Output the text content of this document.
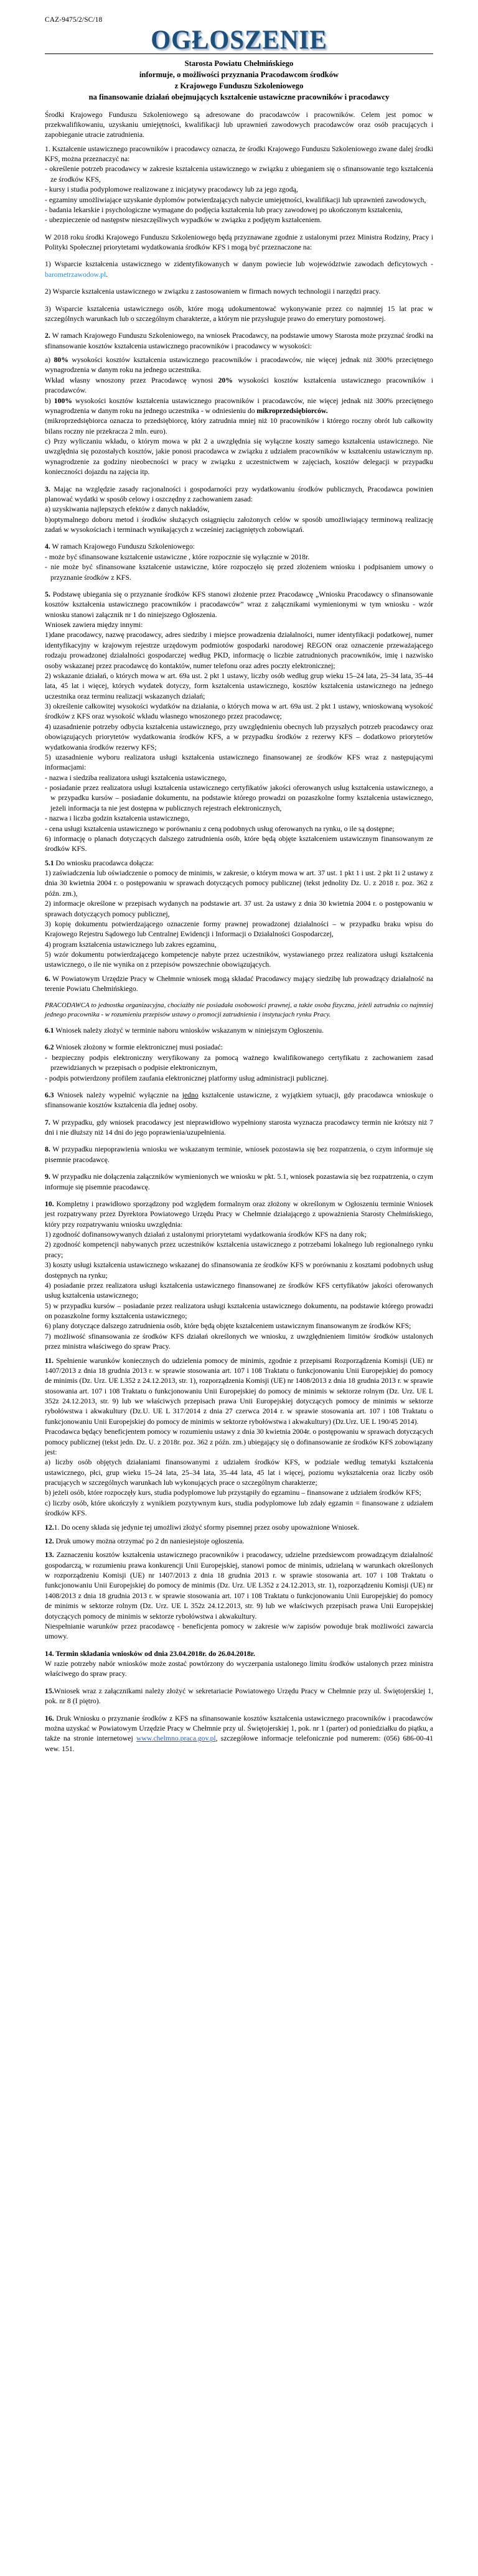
CAZ-9475/2/SC/18
OGŁOSZENIE
Starosta Powiatu Chełmińskiego
informuje, o możliwości przyznania Pracodawcom środków
z Krajowego Funduszu Szkoleniowego
na finansowanie działań obejmujących kształcenie ustawiczne pracowników i pracodawcy

Środki Krajowego Funduszu Szkoleniowego są adresowane do pracodawców i pracowników. Celem jest pomoc w przekwalifikowaniu, uzyskaniu umiejętności, kwalifikacji lub uprawnień zawodowych pracodawców oraz osób pracujących i zapobieganie utracie zatrudnienia.

1. Kształcenie ustawicznego pracowników i pracodawcy oznacza, że środki Krajowego Funduszu Szkoleniowego zwane dalej środki KFS, można przeznaczyć na:

- określenie potrzeb pracodawcy w zakresie kształcenia ustawicznego w związku z ubieganiem się o sfinansowanie tego kształcenia ze środków KFS,

- kursy i studia podyplomowe realizowane z inicjatywy pracodawcy lub za jego zgodą,

- egzaminy umożliwiające uzyskanie dyplomów potwierdzających nabycie umiejętności, kwalifikacji lub uprawnień zawodowych,

- badania lekarskie i psychologiczne wymagane do podjęcia kształcenia lub pracy zawodowej po ukończonym kształceniu,

- ubezpieczenie od następstw nieszczęśliwych wypadków w związku z podjętym kształceniem.

W 2018 roku środki Krajowego Funduszu Szkoleniowego będą przyznawane zgodnie z ustalonymi przez Ministra Rodziny, Pracy i Polityki Społecznej priorytetami wydatkowania środków KFS i mogą być przeznaczone na:

1) Wsparcie kształcenia ustawicznego w zidentyfikowanych w danym powiecie lub województwie zawodach deficytowych - barometrzawodow.pl.

2) Wsparcie kształcenia ustawicznego w związku z zastosowaniem w firmach nowych technologii i narzędzi pracy.

3) Wsparcie kształcenia ustawicznego osób, które mogą udokumentować wykonywanie przez co najmniej 15 lat prac w szczególnych warunkach lub o szczególnym charakterze, a którym nie przysługuje prawo do emerytury pomostowej.

2. W ramach Krajowego Funduszu Szkoleniowego, na wniosek Pracodawcy, na podstawie umowy Starosta może przyznać środki na sfinansowanie kosztów kształcenia ustawicznego pracowników i pracodawcy w wysokości:

a) 80% wysokości kosztów kształcenia ustawicznego pracowników i pracodawców, nie więcej jednak niż 300% przeciętnego wynagrodzenia w danym roku na jednego uczestnika.

Wkład własny wnoszony przez Pracodawcę wynosi 20% wysokości kosztów kształcenia ustawicznego pracowników i pracodawców.

b) 100% wysokości kosztów kształcenia ustawicznego pracowników i pracodawców, nie więcej jednak niż 300% przeciętnego wynagrodzenia w danym roku na jednego uczestnika - w odniesieniu do mikroprzedsiębiorców.

(mikroprzedsiębiorca oznacza to przedsiębiorcę, który zatrudnia mniej niż 10 pracowników i którego roczny obrót lub całkowity bilans roczny nie przekracza 2 mln. euro).

c) Przy wyliczaniu wkładu, o którym mowa w pkt 2 a uwzględnia się wyłączne koszty samego kształcenia ustawicznego. Nie uwzględnia się pozostałych kosztów, jakie ponosi pracodawca w związku z udziałem pracowników w kształceniu ustawicznym np. wynagrodzenie za godziny nieobecności w pracy w związku z uczestnictwem w zajęciach, kosztów delegacji w przypadku konieczności dojazdu na zajęcia itp.

3. Mając na względzie zasady racjonalności i gospodarności przy wydatkowaniu środków publicznych, Pracodawca powinien planować wydatki w sposób celowy i oszczędny z zachowaniem zasad:

a) uzyskiwania najlepszych efektów z danych nakładów,

b)optymalnego doboru metod i środków służących osiągnięciu założonych celów w sposób umożliwiający terminową realizację zadań w wysokościach i terminach wynikających z wcześniej zaciągniętych zobowiązań.

4. W ramach Krajowego Funduszu Szkoleniowego:

- może być sfinansowane kształcenie ustawiczne , które rozpocznie się wyłącznie w 2018r.

- nie może być sfinansowane kształcenie ustawiczne, które rozpoczęło się przed złożeniem wniosku i podpisaniem umowy o przyznanie środków z KFS.

5. Podstawę ubiegania się o przyznanie środków KFS stanowi złożenie przez Pracodawcę „Wniosku Pracodawcy o sfinansowanie kosztów kształcenia ustawicznego pracowników i pracodawców” wraz z załącznikami wymienionymi w tym wniosku - wzór wniosku stanowi załącznik nr 1 do niniejszego Ogłoszenia.

Wniosek zawiera między innymi:

1)dane pracodawcy, nazwę pracodawcy, adres siedziby i miejsce prowadzenia działalności, numer identyfikacji podatkowej, numer identyfikacyjny w krajowym rejestrze urzędowym podmiotów gospodarki narodowej REGON oraz oznaczenie przeważającego rodzaju prowadzonej działalności gospodarczej według PKD, informację o liczbie zatrudnionych pracowników, imię i nazwisko osoby wskazanej przez pracodawcę do kontaktów, numer telefonu oraz adres poczty elektronicznej;

2) wskazanie działań, o których mowa w art. 69a ust. 2 pkt 1 ustawy, liczby osób według grup wieku 15–24 lata, 25–34 lata, 35–44 lata, 45 lat i więcej, których wydatek dotyczy, form kształcenia ustawicznego, kosztów kształcenia ustawicznego na jednego uczestnika oraz terminu realizacji wskazanych działań;

3) określenie całkowitej wysokości wydatków na działania, o których mowa w art. 69a ust. 2 pkt 1 ustawy, wnioskowaną wysokość środków z KFS oraz wysokość wkładu własnego wnoszonego przez pracodawcę;

4) uzasadnienie potrzeby odbycia kształcenia ustawicznego, przy uwzględnieniu obecnych lub przyszłych potrzeb pracodawcy oraz obowiązujących priorytetów wydatkowania środków KFS, a w przypadku środków z rezerwy KFS – dodatkowo priorytetów wydatkowania środków rezerwy KFS;

5) uzasadnienie wyboru realizatora usługi kształcenia ustawicznego finansowanej ze środków KFS wraz z następującymi informacjami:

- nazwa i siedziba realizatora usługi kształcenia ustawicznego,

- posiadanie przez realizatora usługi kształcenia ustawicznego certyfikatów jakości oferowanych usług kształcenia ustawicznego, a w przypadku kursów – posiadanie dokumentu, na podstawie którego prowadzi on pozaszkolne formy kształcenia ustawicznego, jeżeli informacja ta nie jest dostępna w publicznych rejestrach elektronicznych,

- nazwa i liczba godzin kształcenia ustawicznego,

- cena usługi kształcenia ustawicznego w porównaniu z ceną podobnych usług oferowanych na rynku, o ile są dostępne;

6) informację o planach dotyczących dalszego zatrudnienia osób, które będą objęte kształceniem ustawicznym finansowanym ze środków KFS.

5.1 Do wniosku pracodawca dołącza:

1) zaświadczenia lub oświadczenie o pomocy de minimis, w zakresie, o którym mowa w art. 37 ust. 1 pkt 1 i ust. 2 pkt 1i 2 ustawy z dnia 30 kwietnia 2004 r. o postępowaniu w sprawach dotyczących pomocy publicznej (tekst jednolity Dz. U. z 2018 r. poz. 362 z późn. zm.),

2) informacje określone w przepisach wydanych na podstawie art. 37 ust. 2a ustawy z dnia 30 kwietnia 2004 r. o postępowaniu w sprawach dotyczących pomocy publicznej,

3) kopię dokumentu potwierdzającego oznaczenie formy prawnej prowadzonej działalności – w przypadku braku wpisu do Krajowego Rejestru Sądowego lub Centralnej Ewidencji i Informacji o Działalności Gospodarczej,

4) program kształcenia ustawicznego lub zakres egzaminu,

5) wzór dokumentu potwierdzającego kompetencje nabyte przez uczestników, wystawianego przez realizatora usługi kształcenia ustawicznego, o ile nie wynika on z przepisów powszechnie obowiązujących.

6. W Powiatowym Urzędzie Pracy w Chełmnie wniosek mogą składać Pracodawcy mający siedzibę lub prowadzący działalność na terenie Powiatu Chełmińskiego.

PRACODAWCA to jednostka organizacyjna, chociażby nie posiadała osobowości prawnej, a także osoba fizyczna, jeżeli zatrudnia co najmniej jednego pracownika - w rozumieniu przepisów ustawy o promocji zatrudnienia i instytucjach rynku Pracy.

6.1 Wniosek należy złożyć w terminie naboru wniosków wskazanym w niniejszym Ogłoszeniu.

6.2 Wniosek złożony w formie elektronicznej musi posiadać:

- bezpieczny podpis elektroniczny weryfikowany za pomocą ważnego kwalifikowanego certyfikatu z zachowaniem zasad przewidzianych w przepisach o podpisie elektronicznym,

- podpis potwierdzony profilem zaufania elektronicznej platformy usług administracji publicznej.

6.3 Wniosek należy wypełnić wyłącznie na jedno kształcenie ustawiczne, z wyjątkiem sytuacji, gdy pracodawca wnioskuje o sfinansowanie kosztów kształcenia dla jednej osoby.

7. W przypadku, gdy wniosek pracodawcy jest nieprawidłowo wypełniony starosta wyznacza pracodawcy termin nie krótszy niż 7 dni i nie dłuższy niż 14 dni do jego poprawienia/uzupełnienia.

8. W przypadku niepoprawienia wniosku we wskazanym terminie, wniosek pozostawia się bez rozpatrzenia, o czym informuje się pisemnie pracodawcę.

9. W przypadku nie dołączenia załączników wymienionych we wniosku w pkt. 5.1, wniosek pozastawia się bez rozpatrzenia, o czym informuje się pisemnie pracodawcę.

10. Kompletny i prawidłowo sporządzony pod względem formalnym oraz złożony w określonym w Ogłoszeniu terminie Wniosek jest rozpatrywany przez Dyrektora Powiatowego Urzędu Pracy w Chełmnie działającego z upoważnienia Starosty Chełmińskiego, który przy rozpatrywaniu wniosku uwzględnia:

1) zgodność dofinansowywanych działań z ustalonymi priorytetami wydatkowania środków KFS na dany rok;

2) zgodność kompetencji nabywanych przez uczestników kształcenia ustawicznego z potrzebami lokalnego lub regionalnego rynku pracy;

3) koszty usługi kształcenia ustawicznego wskazanej do sfinansowania ze środków KFS w porównaniu z kosztami podobnych usług dostępnych na rynku;

4) posiadanie przez realizatora usługi kształcenia ustawicznego finansowanej ze środków KFS certyfikatów jakości oferowanych usług kształcenia ustawicznego;

5) w przypadku kursów – posiadanie przez realizatora usługi kształcenia ustawicznego dokumentu, na podstawie którego prowadzi on pozaszkolne formy kształcenia ustawicznego;

6) plany dotyczące dalszego zatrudnienia osób, które będą objęte kształceniem ustawicznym finansowanym ze środków KFS;

7) możliwość sfinansowania ze środków KFS działań określonych we wniosku, z uwzględnieniem limitów środków ustalonych przez ministra właściwego do spraw Pracy.

11. Spełnienie warunków koniecznych do udzielenia pomocy de minimis, zgodnie z przepisami Rozporządzenia Komisji (UE) nr 1407/2013 z dnia 18 grudnia 2013 r. w sprawie stosowania art. 107 i 108 Traktatu o funkcjonowaniu Unii Europejskiej do pomocy de minimis (Dz. Urz. UE L352 z 24.12.2013, str. 1), rozporządzenia Komisji (UE) nr 1408/2013 z dnia 18 grudnia 2013 r. w sprawie stosowania art. 107 i 108 Traktatu o funkcjonowaniu Unii Europejskiej do pomocy de minimis w sektorze rolnym (Dz. Urz. UE L 352z 24.12.2013, str. 9) lub we właściwych przepisach prawa Unii Europejskiej dotyczących pomocy de minimis w sektorze rybołówstwa i akwakultury (Dz.U. UE L 317/2014 z dnia 27 czerwca 2014 r. w sprawie stosowania art. 107 i 108 Traktatu o funkcjonowaniu Unii Europejskiej do pomocy de minimis w sektorze rybołówstwa i akwakultury) (Dz.Urz. UE L 190/45 2014).

Pracodawca będący beneficjentem pomocy w rozumieniu ustawy z dnia 30 kwietnia 2004r. o postępowaniu w sprawach dotyczących pomocy publicznej (tekst jedn. Dz. U. z 2018r. poz. 362 z późn. zm.) ubiegający się o dofinansowanie ze środków KFS zobowiązany jest:

a) liczby osób objętych działaniami finansowanymi z udziałem środków KFS, w podziale według tematyki kształcenia ustawicznego, płci, grup wieku 15–24 lata, 25–34 lata, 35–44 lata, 45 lat i więcej, poziomu wykształcenia oraz liczby osób pracujących w szczególnych warunkach lub wykonujących prace o szczególnym charakterze;

b) jeżeli osób, które rozpoczęły kurs, studia podyplomowe lub przystąpiły do egzaminu – finansowane z udziałem środków KFS;

c) liczby osób, które ukończyły z wynikiem pozytywnym kurs, studia podyplomowe lub zdały egzamin = finansowane z udziałem środków KFS.

12.1. Do oceny składa się jedynie tej umożliwi złożyć sformy pisemnej przez osoby upoważnione Wniosek.

12. Druk umowy można otrzymać po 2 dn naniesiejstoje ogłoszenia.

13. Zaznaczeniu kosztów kształcenia ustawicznego pracowników i pracodawcy, udzielne przedsiewcom prowadzącym działalność gospodarczą, w rozumieniu prawa konkurencji Unii Europejskiej, stanowi pomoc de minimis, udzielaną w warunkach określonych w rozporządzeniu Komisji (UE) nr 1407/2013 z dnia 18 grudnia 2013 r. w sprawie stosowania art. 107 i 108 Traktatu o funkcjonowaniu Unii Europejskiej do pomocy de minimis (Dz. Urz. UE L352 z 24.12.2013, str. 1), rozporządzeniu Komisji (UE) nr 1408/2013 z dnia 18 grudnia 2013 r. w sprawie stosowania art. 107 i 108 Traktatu o funkcjonowaniu Unii Europejskiej do pomocy de minimis w sektorze rolnym (Dz. Urz. UE L 352z 24.12.2013, str. 9) lub we właściwych przepisach prawa Unii Europejskiej dotyczących pomocy de minimis w sektorze rybołówstwa i akwakultury.

Niespełnianie warunków przez pracodawcę - beneficjenta pomocy w zakresie w/w zapisów powoduje brak możliwości zawarcia umowy.

14. Termin składania wniosków od dnia 23.04.2018r. do 26.04.2018r.

W razie potrzeby nabór wniosków może zostać powtórzony do wyczerpania ustalonego limitu środków ustalonych przez ministra właściwego do spraw pracy.

15.Wniosek wraz z załącznikami należy złożyć w sekretariacie Powiatowego Urzędu Pracy w Chełmnie przy ul. Świętojerskiej 1, pok. nr 8 (I piętro).

16. Druk Wniosku o przyznanie środków z KFS na sfinansowanie kosztów kształcenia ustawicznego pracowników i pracodawców można uzyskać w Powiatowym Urzędzie Pracy w Chełmnie przy ul. Świętojerskiej 1, pok. nr 1 (parter) od poniedziałku do piątku, a także na stronie internetowej www.chelmno.praca.gov.pl, szczegółowe informacje telefonicznie pod numerem: (056) 686-00-41 wew. 151.
